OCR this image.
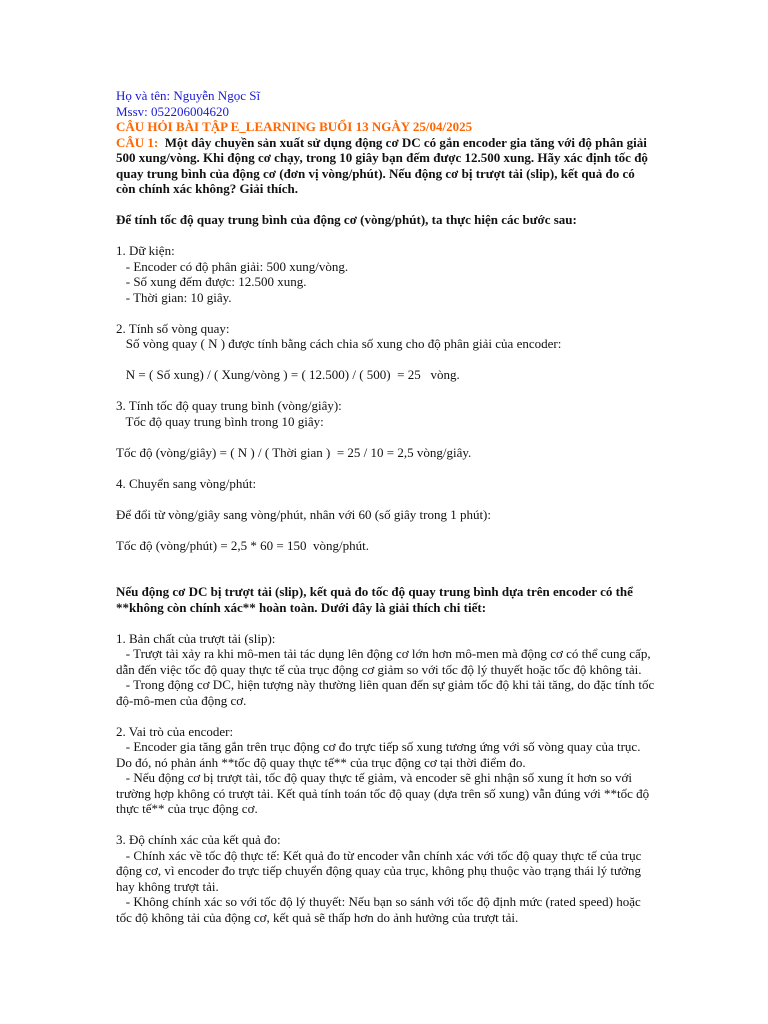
Họ và tên: Nguyễn Ngọc Sĩ
Mssv: 052206004620
CÂU HỎI BÀI TẬP E_LEARNING BUỔI 13 NGÀY 25/04/2025
CÂU 1:  Một dây chuyền sản xuất sử dụng động cơ DC có gắn encoder gia tăng với độ phân giải 500 xung/vòng. Khi động cơ chạy, trong 10 giây bạn đếm được 12.500 xung. Hãy xác định tốc độ quay trung bình của động cơ (đơn vị vòng/phút). Nếu động cơ bị trượt tải (slip), kết quả đo có còn chính xác không? Giải thích.
Để tính tốc độ quay trung bình của động cơ (vòng/phút), ta thực hiện các bước sau:
1. Dữ kiện:
- Encoder có độ phân giải: 500 xung/vòng.
- Số xung đếm được: 12.500 xung.
- Thời gian: 10 giây.
2. Tính số vòng quay:
Số vòng quay ( N ) được tính bằng cách chia số xung cho độ phân giải của encoder:
N = ( Số xung) / ( Xung/vòng ) = ( 12.500) / ( 500)  = 25   vòng.
3. Tính tốc độ quay trung bình (vòng/giây):
Tốc độ quay trung bình trong 10 giây:
Tốc độ (vòng/giây) = ( N ) / ( Thời gian )  = 25 / 10 = 2,5 vòng/giây.
4. Chuyển sang vòng/phút:
Để đổi từ vòng/giây sang vòng/phút, nhân với 60 (số giây trong 1 phút):
Tốc độ (vòng/phút) = 2,5 * 60 = 150  vòng/phút.
Nếu động cơ DC bị trượt tải (slip), kết quả đo tốc độ quay trung bình dựa trên encoder có thể **không còn chính xác** hoàn toàn. Dưới đây là giải thích chi tiết:
1. Bản chất của trượt tải (slip):
- Trượt tải xảy ra khi mô-men tải tác dụng lên động cơ lớn hơn mô-men mà động cơ có thể cung cấp, dẫn đến việc tốc độ quay thực tế của trục động cơ giảm so với tốc độ lý thuyết hoặc tốc độ không tải.
- Trong động cơ DC, hiện tượng này thường liên quan đến sự giảm tốc độ khi tải tăng, do đặc tính tốc độ-mô-men của động cơ.
2. Vai trò của encoder:
- Encoder gia tăng gắn trên trục động cơ đo trực tiếp số xung tương ứng với số vòng quay của trục. Do đó, nó phản ánh **tốc độ quay thực tế** của trục động cơ tại thời điểm đo.
- Nếu động cơ bị trượt tải, tốc độ quay thực tế giảm, và encoder sẽ ghi nhận số xung ít hơn so với trường hợp không có trượt tải. Kết quả tính toán tốc độ quay (dựa trên số xung) vẫn đúng với **tốc độ thực tế** của trục động cơ.
3. Độ chính xác của kết quả đo:
- Chính xác về tốc độ thực tế: Kết quả đo từ encoder vẫn chính xác với tốc độ quay thực tế của trục động cơ, vì encoder đo trực tiếp chuyển động quay của trục, không phụ thuộc vào trạng thái lý tưởng hay không trượt tải.
- Không chính xác so với tốc độ lý thuyết: Nếu bạn so sánh với tốc độ định mức (rated speed) hoặc tốc độ không tải của động cơ, kết quả sẽ thấp hơn do ảnh hưởng của trượt tải.
